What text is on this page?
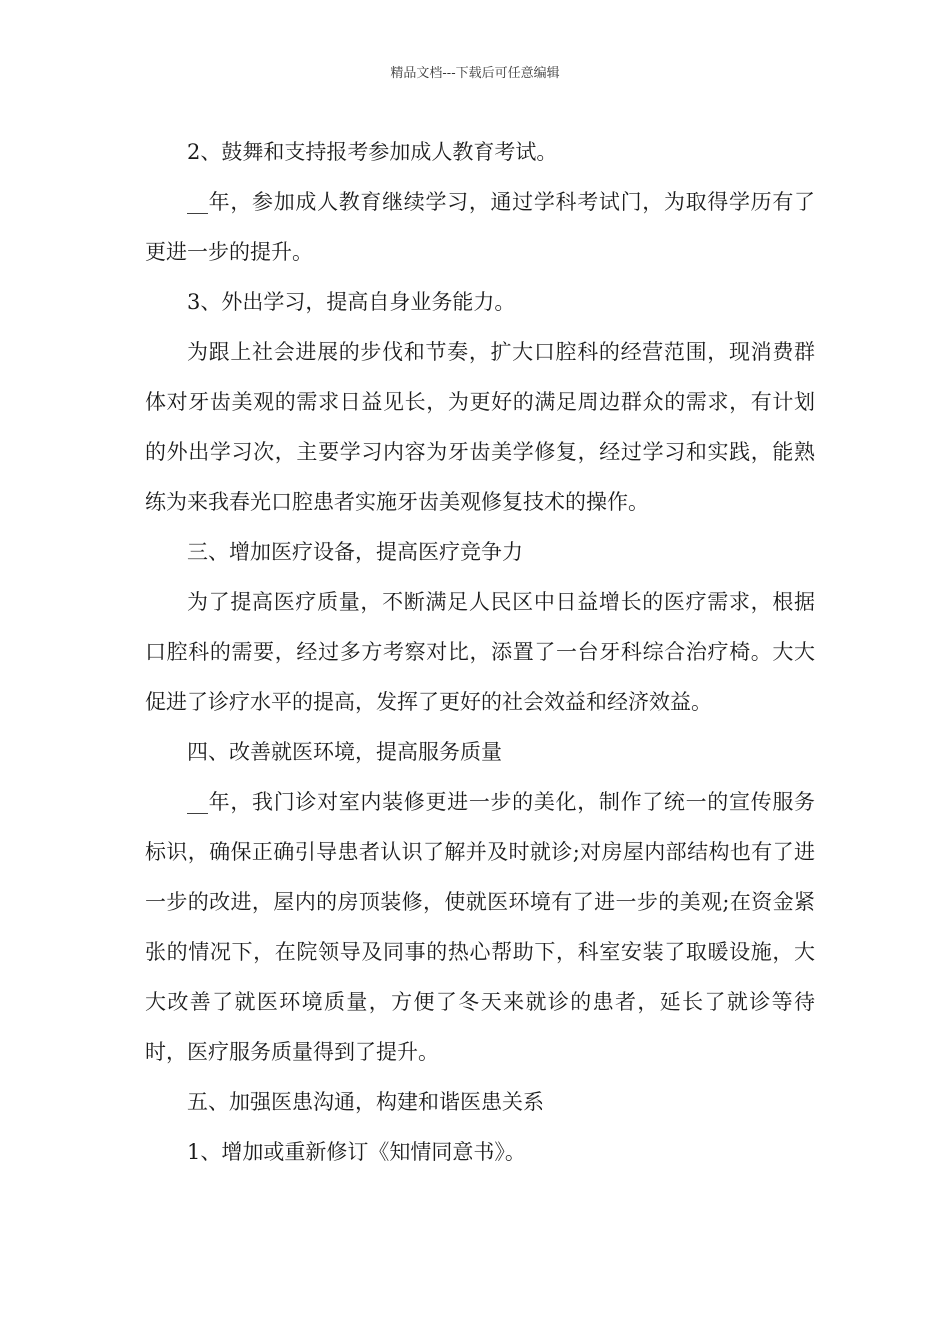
精品文档---下载后可任意编辑

2、鼓舞和支持报考参加成人教育考试。

__年，参加成人教育继续学习，通过学科考试门，为取得学历有了更进一步的提升。

3、外出学习，提高自身业务能力。

为跟上社会进展的步伐和节奏，扩大口腔科的经营范围，现消费群体对牙齿美观的需求日益见长，为更好的满足周边群众的需求，有计划的外出学习次，主要学习内容为牙齿美学修复，经过学习和实践，能熟练为来我春光口腔患者实施牙齿美观修复技术的操作。

三、增加医疗设备，提高医疗竞争力

为了提高医疗质量，不断满足人民区中日益增长的医疗需求，根据口腔科的需要，经过多方考察对比，添置了一台牙科综合治疗椅。大大促进了诊疗水平的提高，发挥了更好的社会效益和经济效益。

四、改善就医环境，提高服务质量

__年，我门诊对室内装修更进一步的美化，制作了统一的宣传服务标识，确保正确引导患者认识了解并及时就诊;对房屋内部结构也有了进一步的改进，屋内的房顶装修，使就医环境有了进一步的美观;在资金紧张的情况下，在院领导及同事的热心帮助下，科室安装了取暖设施，大大改善了就医环境质量，方便了冬天来就诊的患者，延长了就诊等待时，医疗服务质量得到了提升。

五、加强医患沟通，构建和谐医患关系

1、增加或重新修订《知情同意书》。
